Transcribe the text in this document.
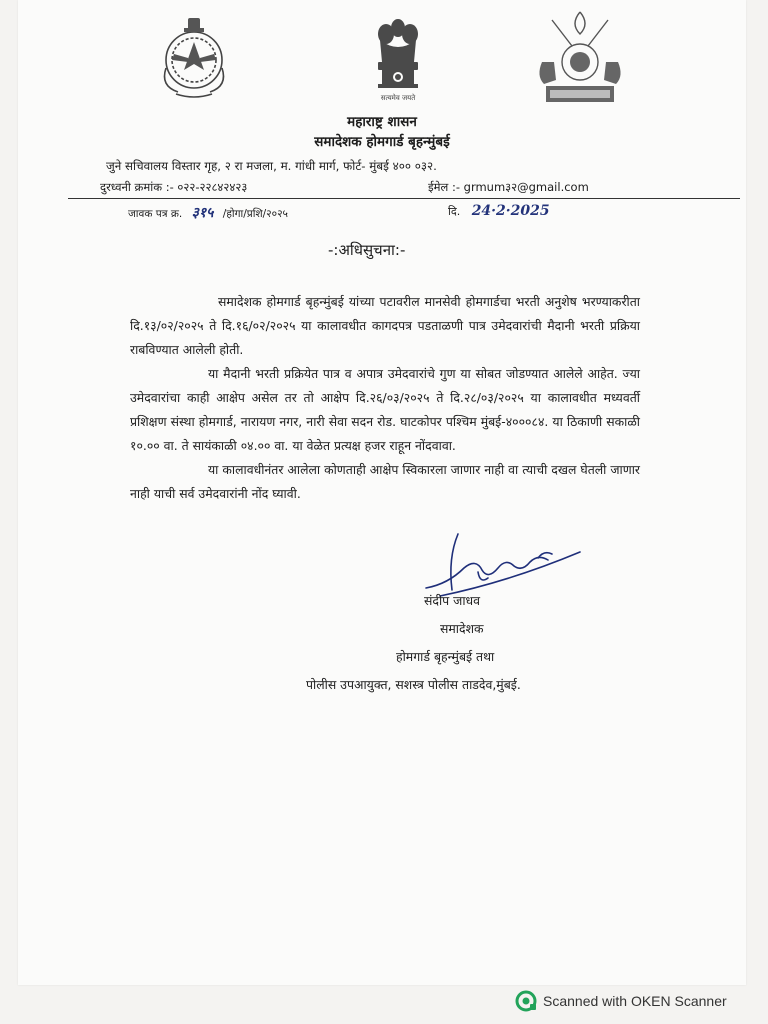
सत्यमेव जयते
महाराष्ट्र शासन
समादेशक होमगार्ड बृहन्मुंबई
जुने सचिवालय विस्तार गृह, २ रा मजला, म. गांधी मार्ग, फोर्ट- मुंबई ४०० ०३२.
दुरध्वनी क्रमांक :- ०२२-२२८४२४२३	ईमेल :- grmum३२@gmail.com
जावक पत्र क्र. ३१५ /होगा/प्रशि/२०२५	दि. 24·2·2025
-:अधिसुचना:-

समादेशक होमगार्ड बृहन्मुंबई यांच्या पटावरील मानसेवी होमगार्डचा भरती अनुशेष भरण्याकरीता दि.१३/०२/२०२५ ते दि.१६/०२/२०२५ या कालावधीत कागदपत्र पडताळणी पात्र उमेदवारांची मैदानी भरती प्रक्रिया राबविण्यात आलेली होती.

या मैदानी भरती प्रक्रियेत पात्र व अपात्र उमेदवारांचे गुण या सोबत जोडण्यात आलेले आहेत. ज्या उमेदवारांचा काही आक्षेप असेल तर तो आक्षेप दि.२६/०३/२०२५ ते दि.२८/०३/२०२५ या कालावधीत मध्यवर्ती प्रशिक्षण संस्था होमगार्ड, नारायण नगर, नारी सेवा सदन रोड. घाटकोपर पश्चिम मुंबई-४०००८४. या ठिकाणी सकाळी १०.०० वा. ते सायंकाळी ०४.०० वा. या वेळेत प्रत्यक्ष हजर राहून नोंदवावा.

या कालावधीनंतर आलेला कोणताही आक्षेप स्विकारला जाणार नाही वा त्याची दखल घेतली जाणार नाही याची सर्व उमेदवारांनी नोंद घ्यावी.

संदीप जाधव
समादेशक
होमगार्ड बृहन्मुंबई तथा
पोलीस उपआयुक्त, सशस्त्र पोलीस ताडदेव,मुंबई.
Scanned with OKEN Scanner
